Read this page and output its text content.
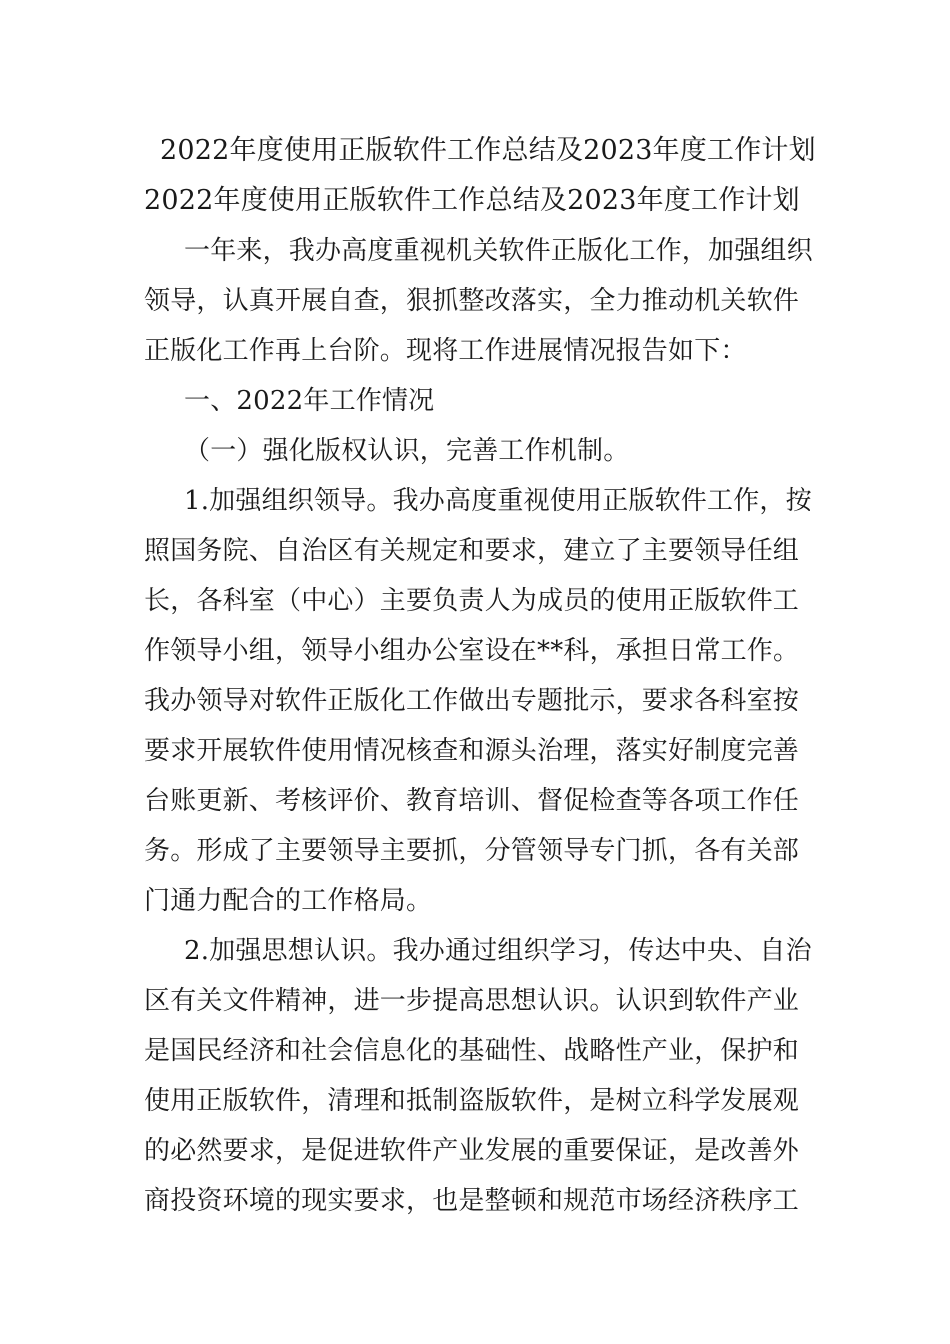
2022年度使用正版软件工作总结及2023年度工作计划
2022年度使用正版软件工作总结及2023年度工作计划
一年来，我办高度重视机关软件正版化工作，加强组织
领导，认真开展自查，狠抓整改落实，全力推动机关软件
正版化工作再上台阶。现将工作进展情况报告如下：
一、2022年工作情况
（一）强化版权认识，完善工作机制。
1.加强组织领导。我办高度重视使用正版软件工作，按
照国务院、自治区有关规定和要求，建立了主要领导任组
长，各科室（中心）主要负责人为成员的使用正版软件工
作领导小组，领导小组办公室设在**科，承担日常工作。
我办领导对软件正版化工作做出专题批示，要求各科室按
要求开展软件使用情况核查和源头治理，落实好制度完善
台账更新、考核评价、教育培训、督促检查等各项工作任
务。形成了主要领导主要抓，分管领导专门抓，各有关部
门通力配合的工作格局。
2.加强思想认识。我办通过组织学习，传达中央、自治
区有关文件精神，进一步提高思想认识。认识到软件产业
是国民经济和社会信息化的基础性、战略性产业，保护和
使用正版软件，清理和抵制盗版软件，是树立科学发展观
的必然要求，是促进软件产业发展的重要保证，是改善外
商投资环境的现实要求，也是整顿和规范市场经济秩序工
